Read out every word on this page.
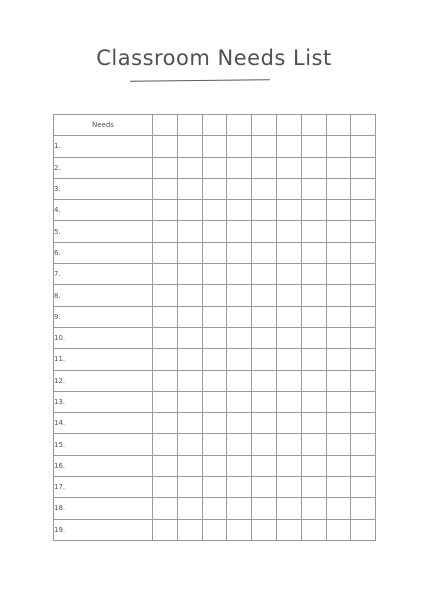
Classroom Needs List
Needs									
1.									
2.									
3.									
4.									
5.									
6.									
7.									
8.									
9.									
10.									
11.									
12.									
13.									
14.									
15.									
16.									
17.									
18.									
19.									
